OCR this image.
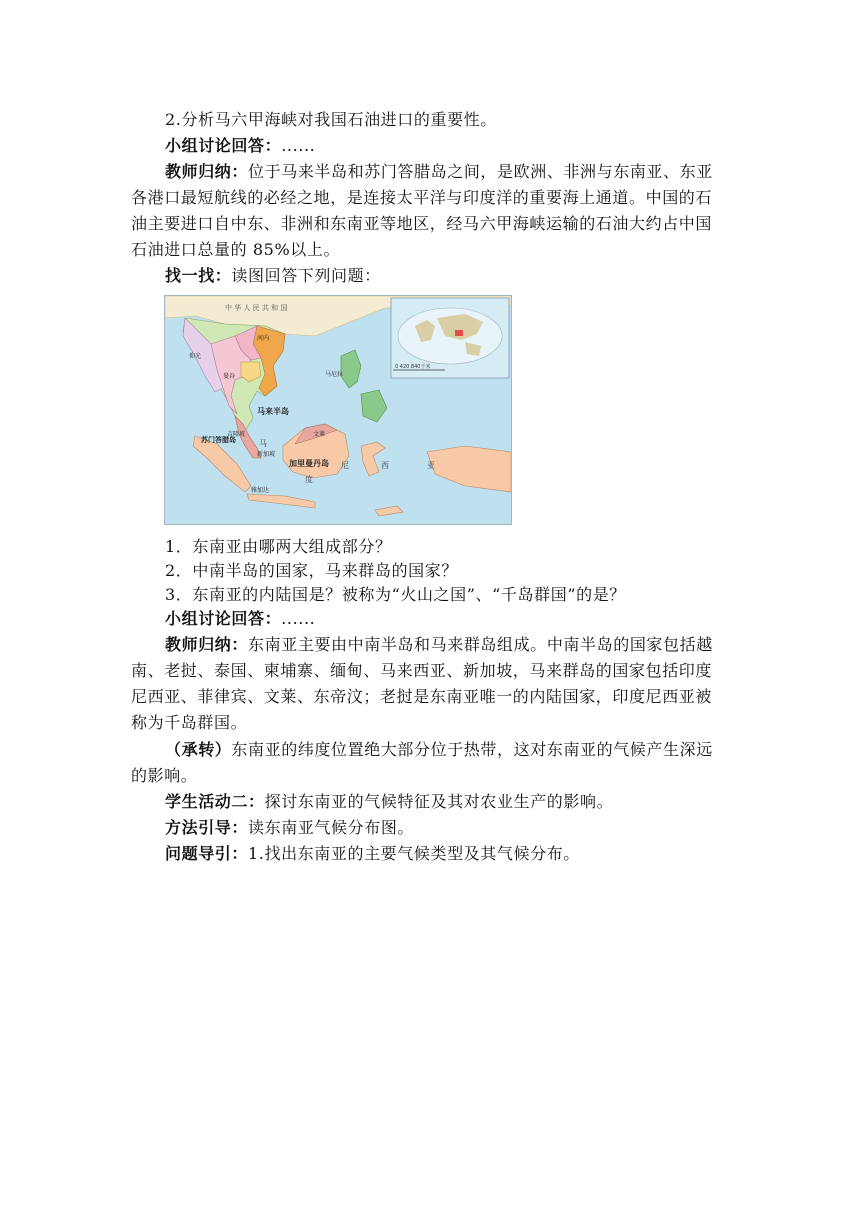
2.分析马六甲海峡对我国石油进口的重要性。
小组讨论回答：......
教师归纳：位于马来半岛和苏门答腊岛之间，是欧洲、非洲与东南亚、东亚
各港口最短航线的必经之地，是连接太平洋与印度洋的重要海上通道。中国的石
油主要进口自中东、非洲和东南亚等地区，经马六甲海峡运输的石油大约占中国
石油进口总量的 85%以上。
找一找：读图回答下列问题：
中 华 人 民 共 和 国
马来半岛
苏门答腊岛
加里曼丹岛
新加坡
马尼拉
河内
仰光
曼谷
吉隆坡
雅加达
文莱
0 420 840千米
马
西	亚
尼
度
1．东南亚由哪两大组成部分？
2．中南半岛的国家，马来群岛的国家？
3．东南亚的内陆国是？被称为“火山之国”、“千岛群国”的是？
小组讨论回答：......
教师归纳：东南亚主要由中南半岛和马来群岛组成。中南半岛的国家包括越
南、老挝、泰国、柬埔寨、缅甸、马来西亚、新加坡，马来群岛的国家包括印度
尼西亚、菲律宾、文莱、东帝汶；老挝是东南亚唯一的内陆国家，印度尼西亚被
称为千岛群国。
（承转）东南亚的纬度位置绝大部分位于热带，这对东南亚的气候产生深远
的影响。
学生活动二：探讨东南亚的气候特征及其对农业生产的影响。
方法引导：读东南亚气候分布图。
问题导引：1.找出东南亚的主要气候类型及其气候分布。
